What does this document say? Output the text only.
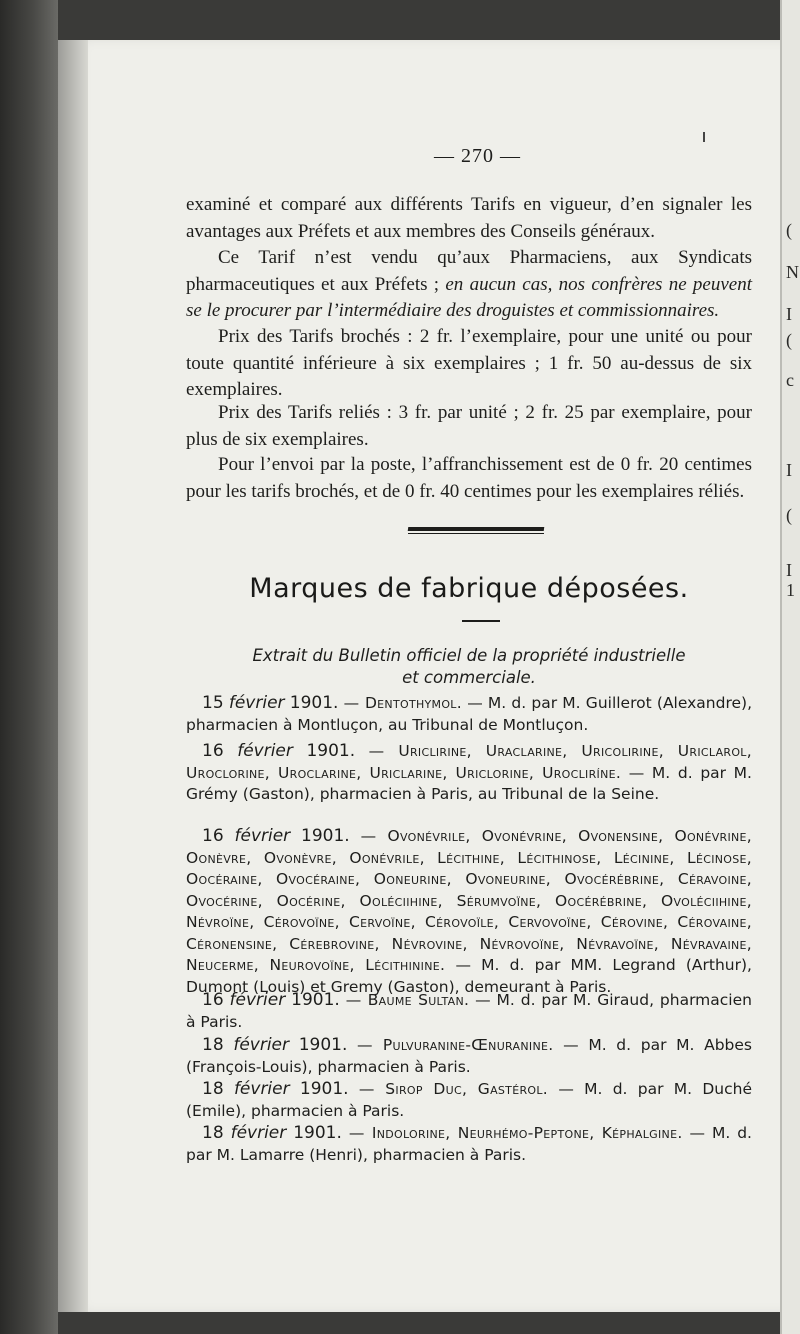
(
N
I
(
c
I
(
I
1
— 270 —
examiné et comparé aux différents Tarifs en vigueur, d’en signaler les avantages aux Préfets et aux membres des Conseils généraux.
Ce Tarif n’est vendu qu’aux Pharmaciens, aux Syndicats pharmaceutiques et aux Préfets ; en aucun cas, nos confrères ne peuvent se le procurer par l’intermédiaire des droguistes et commissionnaires.
Prix des Tarifs brochés : 2 fr. l’exemplaire, pour une unité ou pour toute quantité inférieure à six exemplaires ; 1 fr. 50 au-dessus de six exemplaires.
Prix des Tarifs reliés : 3 fr. par unité ; 2 fr. 25 par exemplaire, pour plus de six exemplaires.
Pour l’envoi par la poste, l’affranchissement est de 0 fr. 20 centimes pour les tarifs brochés, et de 0 fr. 40 centimes pour les exemplaires réliés.
Marques de fabrique déposées.
Extrait du Bulletin officiel de la propriété industrielle
et commerciale.
15 février 1901. — Dentothymol. — M. d. par M. Guillerot (Alexandre), pharmacien à Montluçon, au Tribunal de Montluçon.
16 février 1901. — Uriclirine, Uraclarine, Uricolirine, Uriclarol, Uroclorine, Uroclarine, Uriclarine, Uriclorine, Urocliríne. — M. d. par M. Grémy (Gaston), pharmacien à Paris, au Tribunal de la Seine.
16 février 1901. — Ovonévrile, Ovonévrine, Ovonensine, Oonévrine, Oonèvre, Ovonèvre, Oonévrile, Lécithine, Lécithinose, Lécinine, Lécinose, Oocéraine, Ovocéraine, Ooneurine, Ovoneurine, Ovocérébrine, Céravoine, Ovocérine, Oocérine, Ooléciihine, Sérumvoïne, Oocérébrine, Ovoléciihine, Névroïne, Cérovoïne, Cervoïne, Cérovoïle, Cervovoïne, Cérovine, Cérovaine, Céronensine, Cérebrovine, Névrovine, Névrovoïne, Névravoïne, Névravaine, Neucerme, Neurovoïne, Lécithinine. — M. d. par MM. Legrand (Arthur), Dumont (Louis) et Gremy (Gaston), demeurant à Paris.
16 février 1901. — Baume Sultan. — M. d. par M. Giraud, pharmacien à Paris.
18 février 1901. — Pulvuranine-Œnuranine. — M. d. par M. Abbes (François-Louis), pharmacien à Paris.
18 février 1901. — Sirop Duc, Gastérol. — M. d. par M. Duché (Emile), pharmacien à Paris.
18 février 1901. — Indolorine, Neurhémo-Peptone, Képhalgine. — M. d. par M. Lamarre (Henri), pharmacien à Paris.
